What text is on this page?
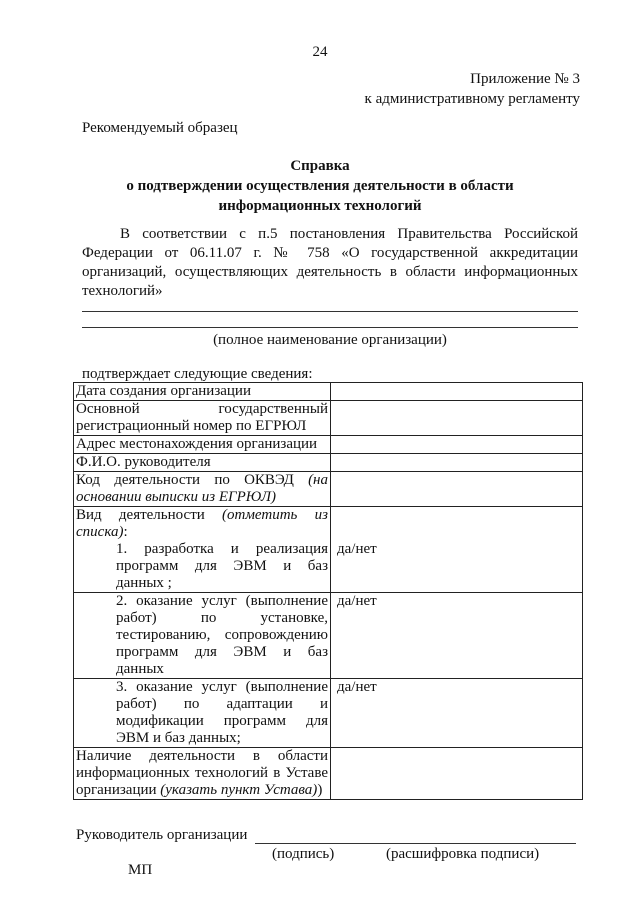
24
Приложение № 3
к административному регламенту
Рекомендуемый образец
Справка
о подтверждении осуществления деятельности в области
информационных технологий
В соответствии с п.5 постановления Правительства Российской Федерации от 06.11.07 г. № 758 «О государственной аккредитации организаций, осуществляющих деятельность в области информационных технологий»
(полное наименование организации)
подтверждает следующие сведения:
Дата создания организации	
Основной государственный регистрационный номер по ЕГРЮЛ	
Адрес местонахождения организации	
Ф.И.О. руководителя	
Код деятельности по ОКВЭД (на основании выписки из ЕГРЮЛ)	

Вид деятельности (отметить из списка):
1. разработка и реализация программ для ЭВМ и баз данных ;	да/нет

2. оказание услуг (выполнение работ) по установке, тестированию, сопровождению программ для ЭВМ и баз данных	да/нет

3. оказание услуг (выполнение работ) по адаптации и модификации программ для ЭВМ и баз данных;	да/нет
Наличие деятельности в области информационных технологий в Уставе организации (указать пункт Устава))	
Руководитель организации
(подпись)	(расшифровка подписи)
МП
